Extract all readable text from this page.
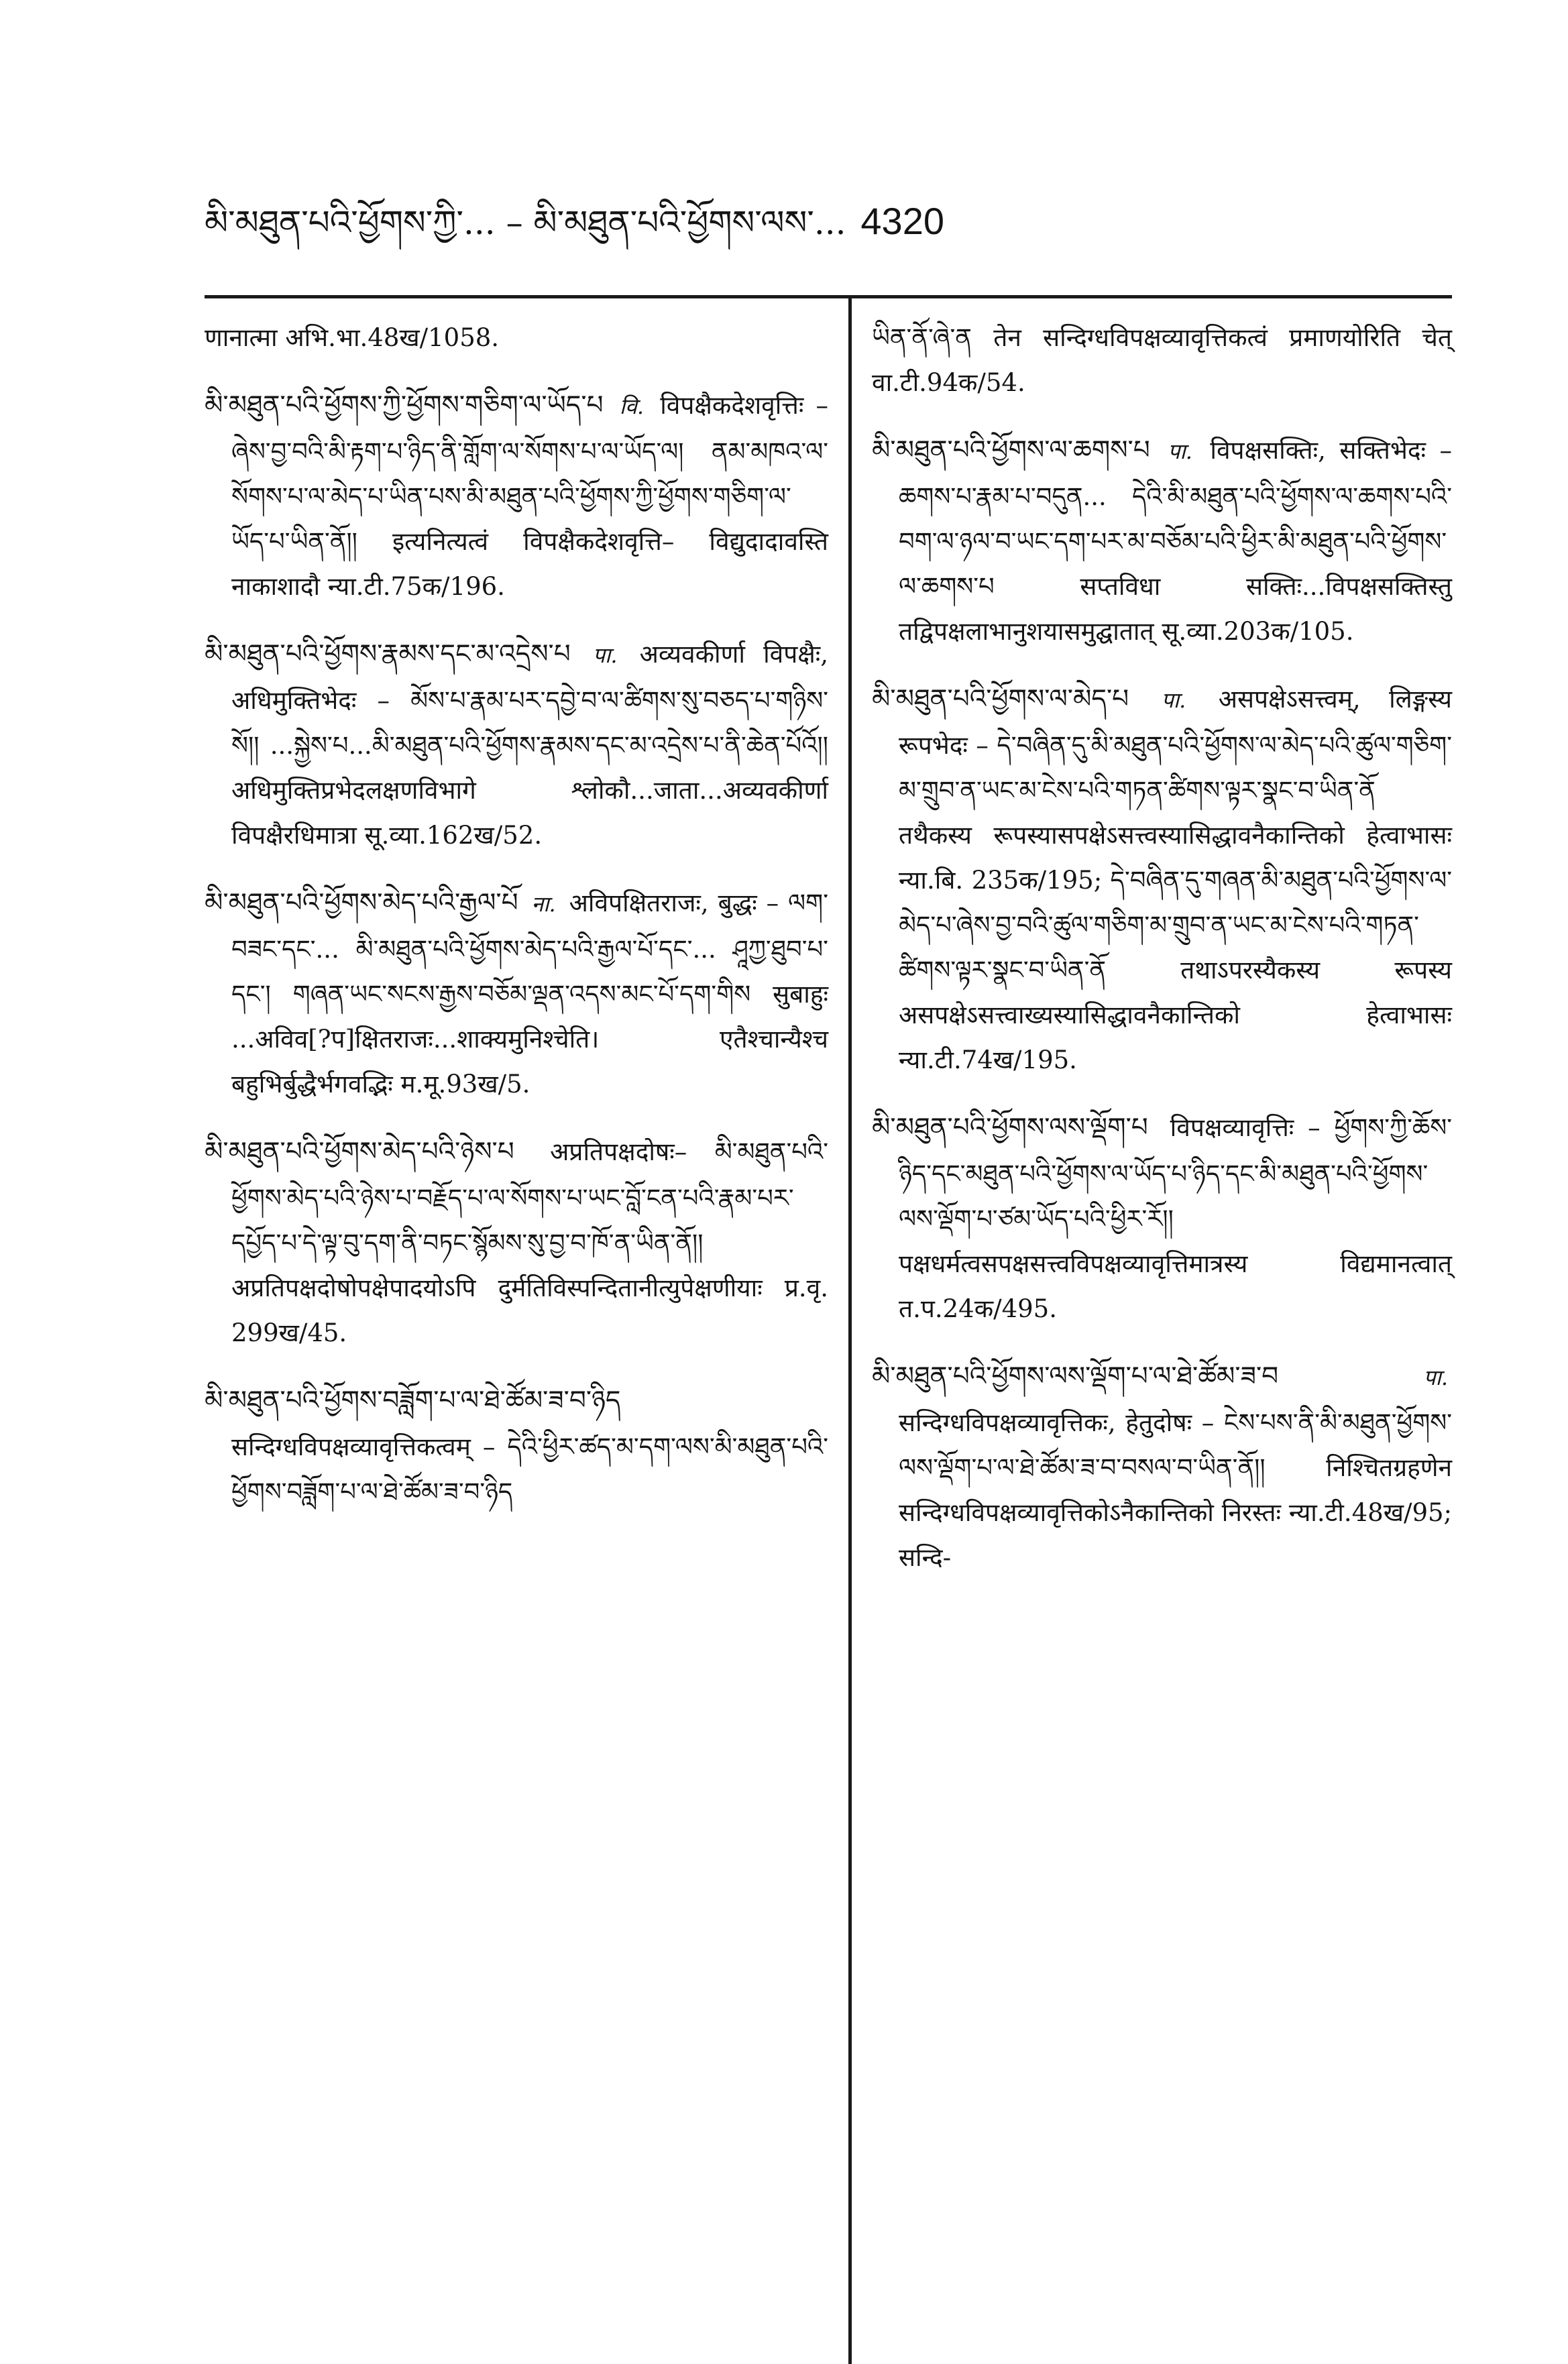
མི་མཐུན་པའི་ཕྱོགས་ཀྱི་... – མི་མཐུན་པའི་ཕྱོགས་ལས་... 4320

णानात्मा अभि.भा.48ख/1058.

མི་མཐུན་པའི་ཕྱོགས་ཀྱི་ཕྱོགས་གཅིག་ལ་ཡོད་པ वि. विपक्षैकदेशवृत्तिः – ཞེས་བྱ་བའི་མི་རྟག་པ་ཉིད་ནི་གློག་ལ་སོགས་པ་ལ་ཡོད་ལ། ནམ་མཁའ་ལ་སོགས་པ་ལ་མེད་པ་ཡིན་པས་མི་མཐུན་པའི་ཕྱོགས་ཀྱི་ཕྱོགས་གཅིག་ལ་ཡོད་པ་ཡིན་ནོ།། इत्यनित्यत्वं विपक्षैकदेशवृत्ति– विद्युदादावस्ति नाकाशादौ न्या.टी.75क/196.

མི་མཐུན་པའི་ཕྱོགས་རྣམས་དང་མ་འདྲེས་པ पा. अव्यवकीर्णा विपक्षैः, अधिमुक्तिभेदः – མོས་པ་རྣམ་པར་དབྱེ་བ་ལ་ཚིགས་སུ་བཅད་པ་གཉིས་སོ།། ...སྐྱེས་པ...མི་མཐུན་པའི་ཕྱོགས་རྣམས་དང་མ་འདྲེས་པ་ནི་ཆེན་པོའོ།། अधिमुक्तिप्रभेदलक्षणविभागे श्लोकौ...जाता...अव्यवकीर्णा विपक्षैरधिमात्रा सू.व्या.162ख/52.

མི་མཐུན་པའི་ཕྱོགས་མེད་པའི་རྒྱལ་པོ ना. अविपक्षितराजः, बुद्धः – ལག་བཟང་དང་... མི་མཐུན་པའི་ཕྱོགས་མེད་པའི་རྒྱལ་པོ་དང་... ཤཱཀྱ་ཐུབ་པ་དང་། གཞན་ཡང་སངས་རྒྱས་བཅོམ་ལྡན་འདས་མང་པོ་དག་གིས सुबाहुः ...अविव[?प]क्षितराजः...शाक्यमुनिश्चेति। एतैश्चान्यैश्च बहुभिर्बुद्धैर्भगवद्भिः म.मू.93ख/5.

མི་མཐུན་པའི་ཕྱོགས་མེད་པའི་ཉེས་པ अप्रतिपक्षदोषः– མི་མཐུན་པའི་ཕྱོགས་མེད་པའི་ཉེས་པ་བརྗོད་པ་ལ་སོགས་པ་ཡང་བློ་ངན་པའི་རྣམ་པར་དཔྱོད་པ་དེ་ལྟ་བུ་དག་ནི་བཏང་སྙོམས་སུ་བྱ་བ་ཁོ་ན་ཡིན་ནོ།། अप्रतिपक्षदोषोपक्षेपादयोऽपि दुर्मतिविस्पन्दितानीत्युपेक्षणीयाः प्र.वृ. 299ख/45.

མི་མཐུན་པའི་ཕྱོགས་བཟློག་པ་ལ་ཐེ་ཚོམ་ཟ་བ་ཉིད सन्दिग्धविपक्षव्यावृत्तिकत्वम् – དེའི་ཕྱིར་ཚད་མ་དག་ལས་མི་མཐུན་པའི་ཕྱོགས་བཟློག་པ་ལ་ཐེ་ཚོམ་ཟ་བ་ཉིད

ཡིན་ནོ་ཞེ་ན तेन सन्दिग्धविपक्षव्यावृत्तिकत्वं प्रमाणयोरिति चेत् वा.टी.94क/54.

མི་མཐུན་པའི་ཕྱོགས་ལ་ཆགས་པ पा. विपक्षसक्तिः, सक्तिभेदः – ཆགས་པ་རྣམ་པ་བདུན... དེའི་མི་མཐུན་པའི་ཕྱོགས་ལ་ཆགས་པའི་བག་ལ་ཉལ་བ་ཡང་དག་པར་མ་བཅོམ་པའི་ཕྱིར་མི་མཐུན་པའི་ཕྱོགས་ལ་ཆགས་པ सप्तविधा सक्तिः...विपक्षसक्तिस्तु तद्विपक्षलाभानुशयासमुद्घातात् सू.व्या.203क/105.

མི་མཐུན་པའི་ཕྱོགས་ལ་མེད་པ पा. असपक्षेऽसत्त्वम्, लिङ्गस्य रूपभेदः – དེ་བཞིན་དུ་མི་མཐུན་པའི་ཕྱོགས་ལ་མེད་པའི་ཚུལ་གཅིག་མ་གྲུབ་ན་ཡང་མ་ངེས་པའི་གཏན་ཚིགས་ལྟར་སྣང་བ་ཡིན་ནོ तथैकस्य रूपस्यासपक्षेऽसत्त्वस्यासिद्धावनैकान्तिको हेत्वाभासः न्या.बि. 235क/195; དེ་བཞིན་དུ་གཞན་མི་མཐུན་པའི་ཕྱོགས་ལ་མེད་པ་ཞེས་བྱ་བའི་ཚུལ་གཅིག་མ་གྲུབ་ན་ཡང་མ་ངེས་པའི་གཏན་ཚིགས་ལྟར་སྣང་བ་ཡིན་ནོ तथाऽपरस्यैकस्य रूपस्य असपक्षेऽसत्त्वाख्यस्यासिद्धावनैकान्तिको हेत्वाभासः न्या.टी.74ख/195.

མི་མཐུན་པའི་ཕྱོགས་ལས་ལྡོག་པ विपक्षव्यावृत्तिः – ཕྱོགས་ཀྱི་ཆོས་ཉིད་དང་མཐུན་པའི་ཕྱོགས་ལ་ཡོད་པ་ཉིད་དང་མི་མཐུན་པའི་ཕྱོགས་ལས་ལྡོག་པ་ཙམ་ཡོད་པའི་ཕྱིར་རོ།། पक्षधर्मत्वसपक्षसत्त्वविपक्षव्यावृत्तिमात्रस्य विद्यमानत्वात् त.प.24क/495.

མི་མཐུན་པའི་ཕྱོགས་ལས་ལྡོག་པ་ལ་ཐེ་ཚོམ་ཟ་བ	पा. सन्दिग्धविपक्षव्यावृत्तिकः, हेतुदोषः – ངེས་པས་ནི་མི་མཐུན་ཕྱོགས་ལས་ལྡོག་པ་ལ་ཐེ་ཚོམ་ཟ་བ་བསལ་བ་ཡིན་ནོ།། निश्चितग्रहणेन सन्दिग्धविपक्षव्यावृत्तिकोऽनैकान्तिको निरस्तः न्या.टी.48ख/95; सन्दि-
